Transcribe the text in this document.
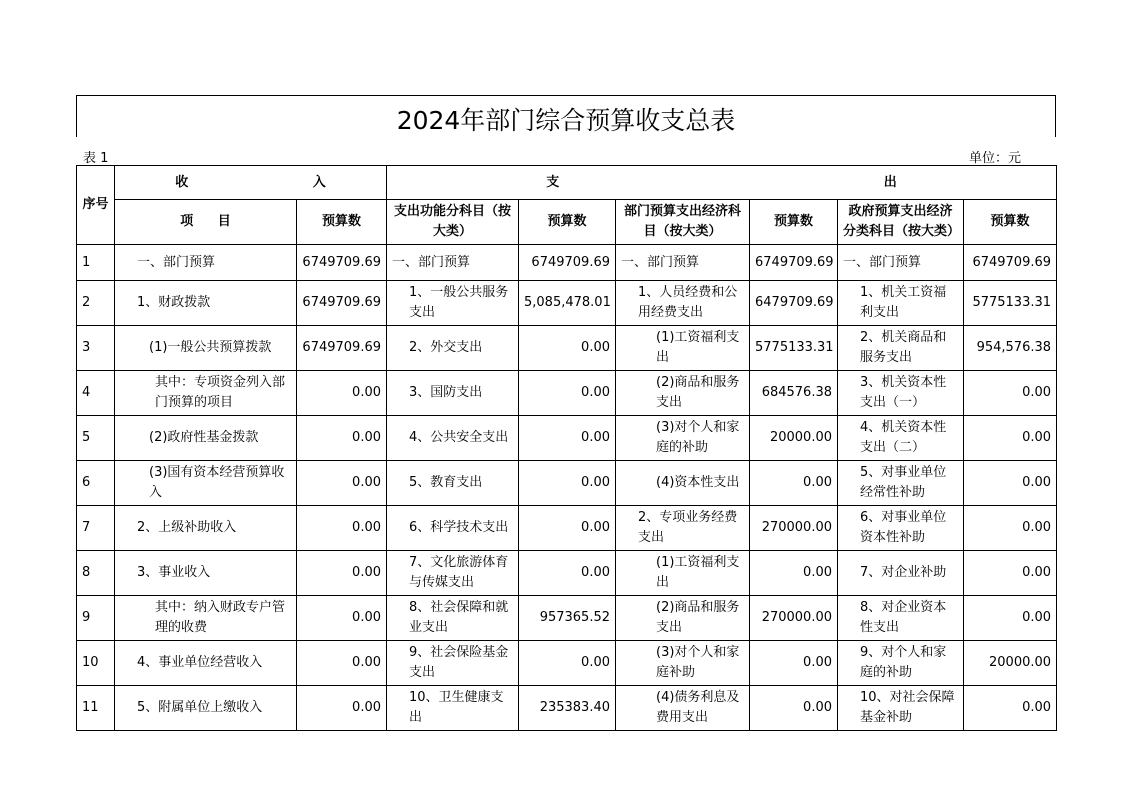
2024年部门综合预算收支总表
表 1	单位：元
序号	收 入		支 出					
	项 目	预算数	支出功能分科目（按大类）	预算数	部门预算支出经济科目（按大类）	预算数	政府预算支出经济分类科目（按大类）	预算数
1	一、部门预算	6749709.69	一、部门预算	6749709.69	一、部门预算	6749709.69	一、部门预算	6749709.69
2	1、财政拨款	6749709.69	1、一般公共服务支出	5,085,478.01	1、人员经费和公用经费支出	6479709.69	1、机关工资福利支出	5775133.31
3	(1)一般公共预算拨款	6749709.69	2、外交支出	0.00	(1)工资福利支出	5775133.31	2、机关商品和服务支出	954,576.38
4	其中：专项资金列入部门预算的项目	0.00	3、国防支出	0.00	(2)商品和服务支出	684576.38	3、机关资本性支出（一）	0.00
5	(2)政府性基金拨款	0.00	4、公共安全支出	0.00	(3)对个人和家庭的补助	20000.00	4、机关资本性支出（二）	0.00
6	(3)国有资本经营预算收入	0.00	5、教育支出	0.00	(4)资本性支出	0.00	5、对事业单位经常性补助	0.00
7	2、上级补助收入	0.00	6、科学技术支出	0.00	2、专项业务经费支出	270000.00	6、对事业单位资本性补助	0.00
8	3、事业收入	0.00	7、文化旅游体育与传媒支出	0.00	(1)工资福利支出	0.00	7、对企业补助	0.00
9	其中：纳入财政专户管理的收费	0.00	8、社会保障和就业支出	957365.52	(2)商品和服务支出	270000.00	8、对企业资本性支出	0.00
10	4、事业单位经营收入	0.00	9、社会保险基金支出	0.00	(3)对个人和家庭补助	0.00	9、对个人和家庭的补助	20000.00
11	5、附属单位上缴收入	0.00	10、卫生健康支出	235383.40	(4)债务利息及费用支出	0.00	10、对社会保障基金补助	0.00
